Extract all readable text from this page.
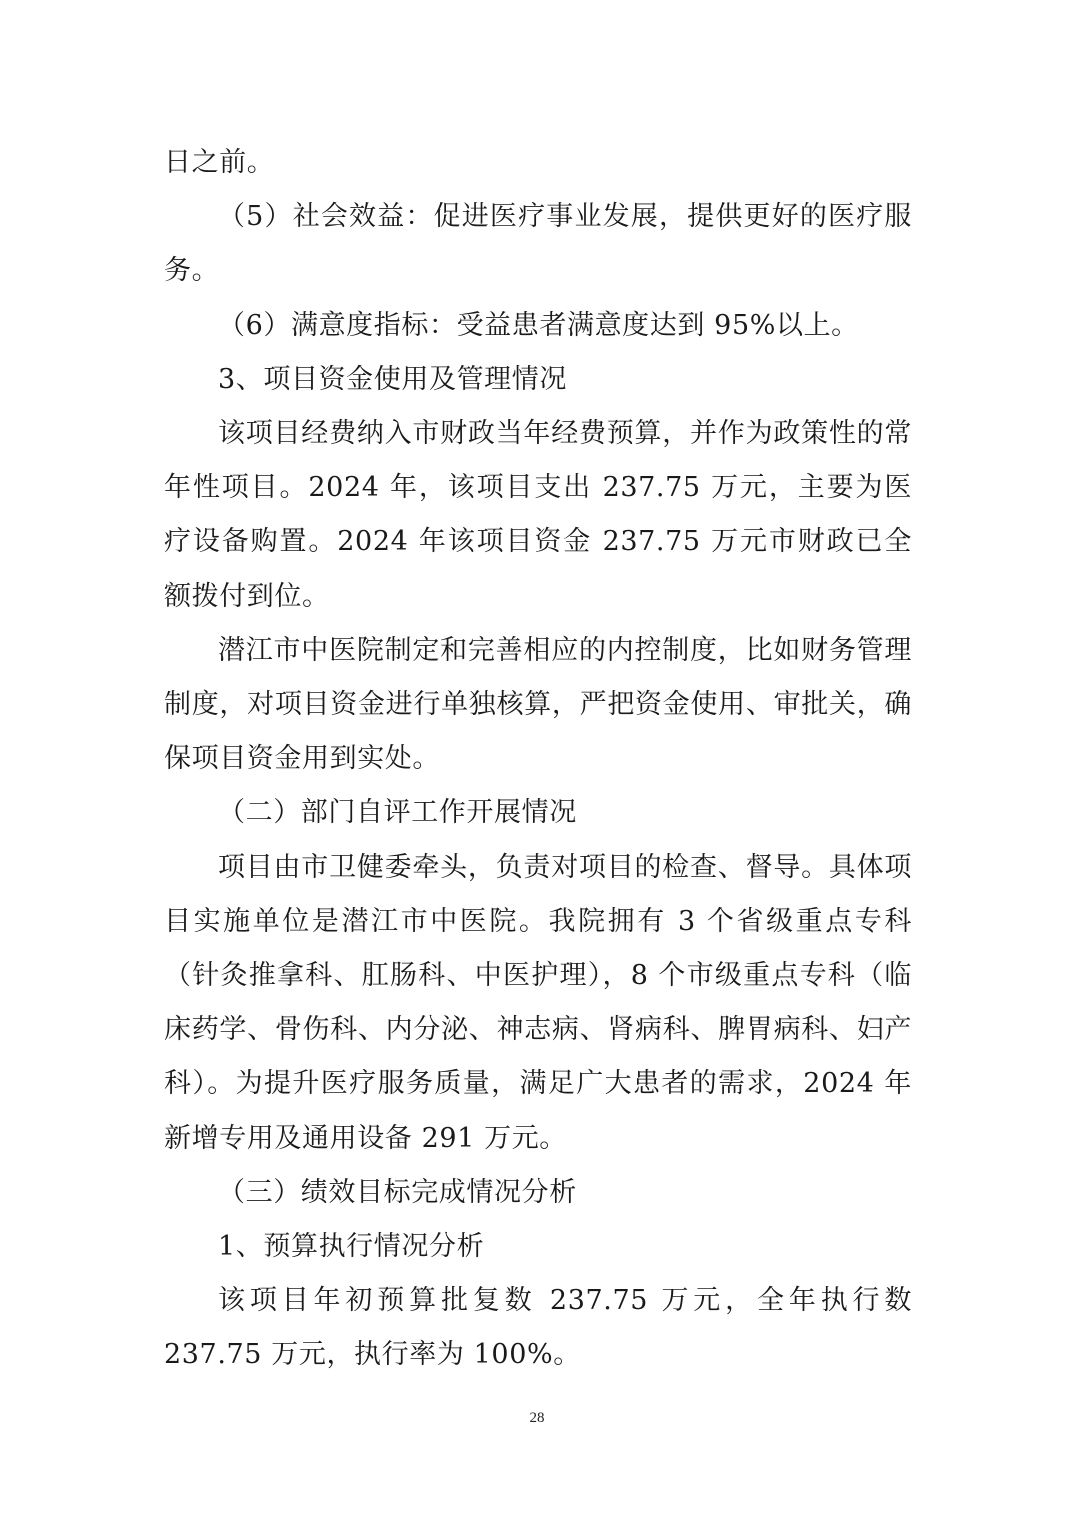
日之前。

（5）社会效益：促进医疗事业发展，提供更好的医疗服务。

（6）满意度指标：受益患者满意度达到 95%以上。

3、项目资金使用及管理情况

该项目经费纳入市财政当年经费预算，并作为政策性的常年性项目。2024 年，该项目支出 237.75 万元，主要为医疗设备购置。2024 年该项目资金 237.75 万元市财政已全额拨付到位。

潜江市中医院制定和完善相应的内控制度，比如财务管理制度，对项目资金进行单独核算，严把资金使用、审批关，确保项目资金用到实处。

（二）部门自评工作开展情况

项目由市卫健委牵头，负责对项目的检查、督导。具体项目实施单位是潜江市中医院。我院拥有 3 个省级重点专科（针灸推拿科、肛肠科、中医护理），8 个市级重点专科（临床药学、骨伤科、内分泌、神志病、肾病科、脾胃病科、妇产科）。为提升医疗服务质量，满足广大患者的需求，2024 年新增专用及通用设备 291 万元。

（三）绩效目标完成情况分析

1、预算执行情况分析

该项目年初预算批复数 237.75 万元，全年执行数 237.75 万元，执行率为 100%。

28
